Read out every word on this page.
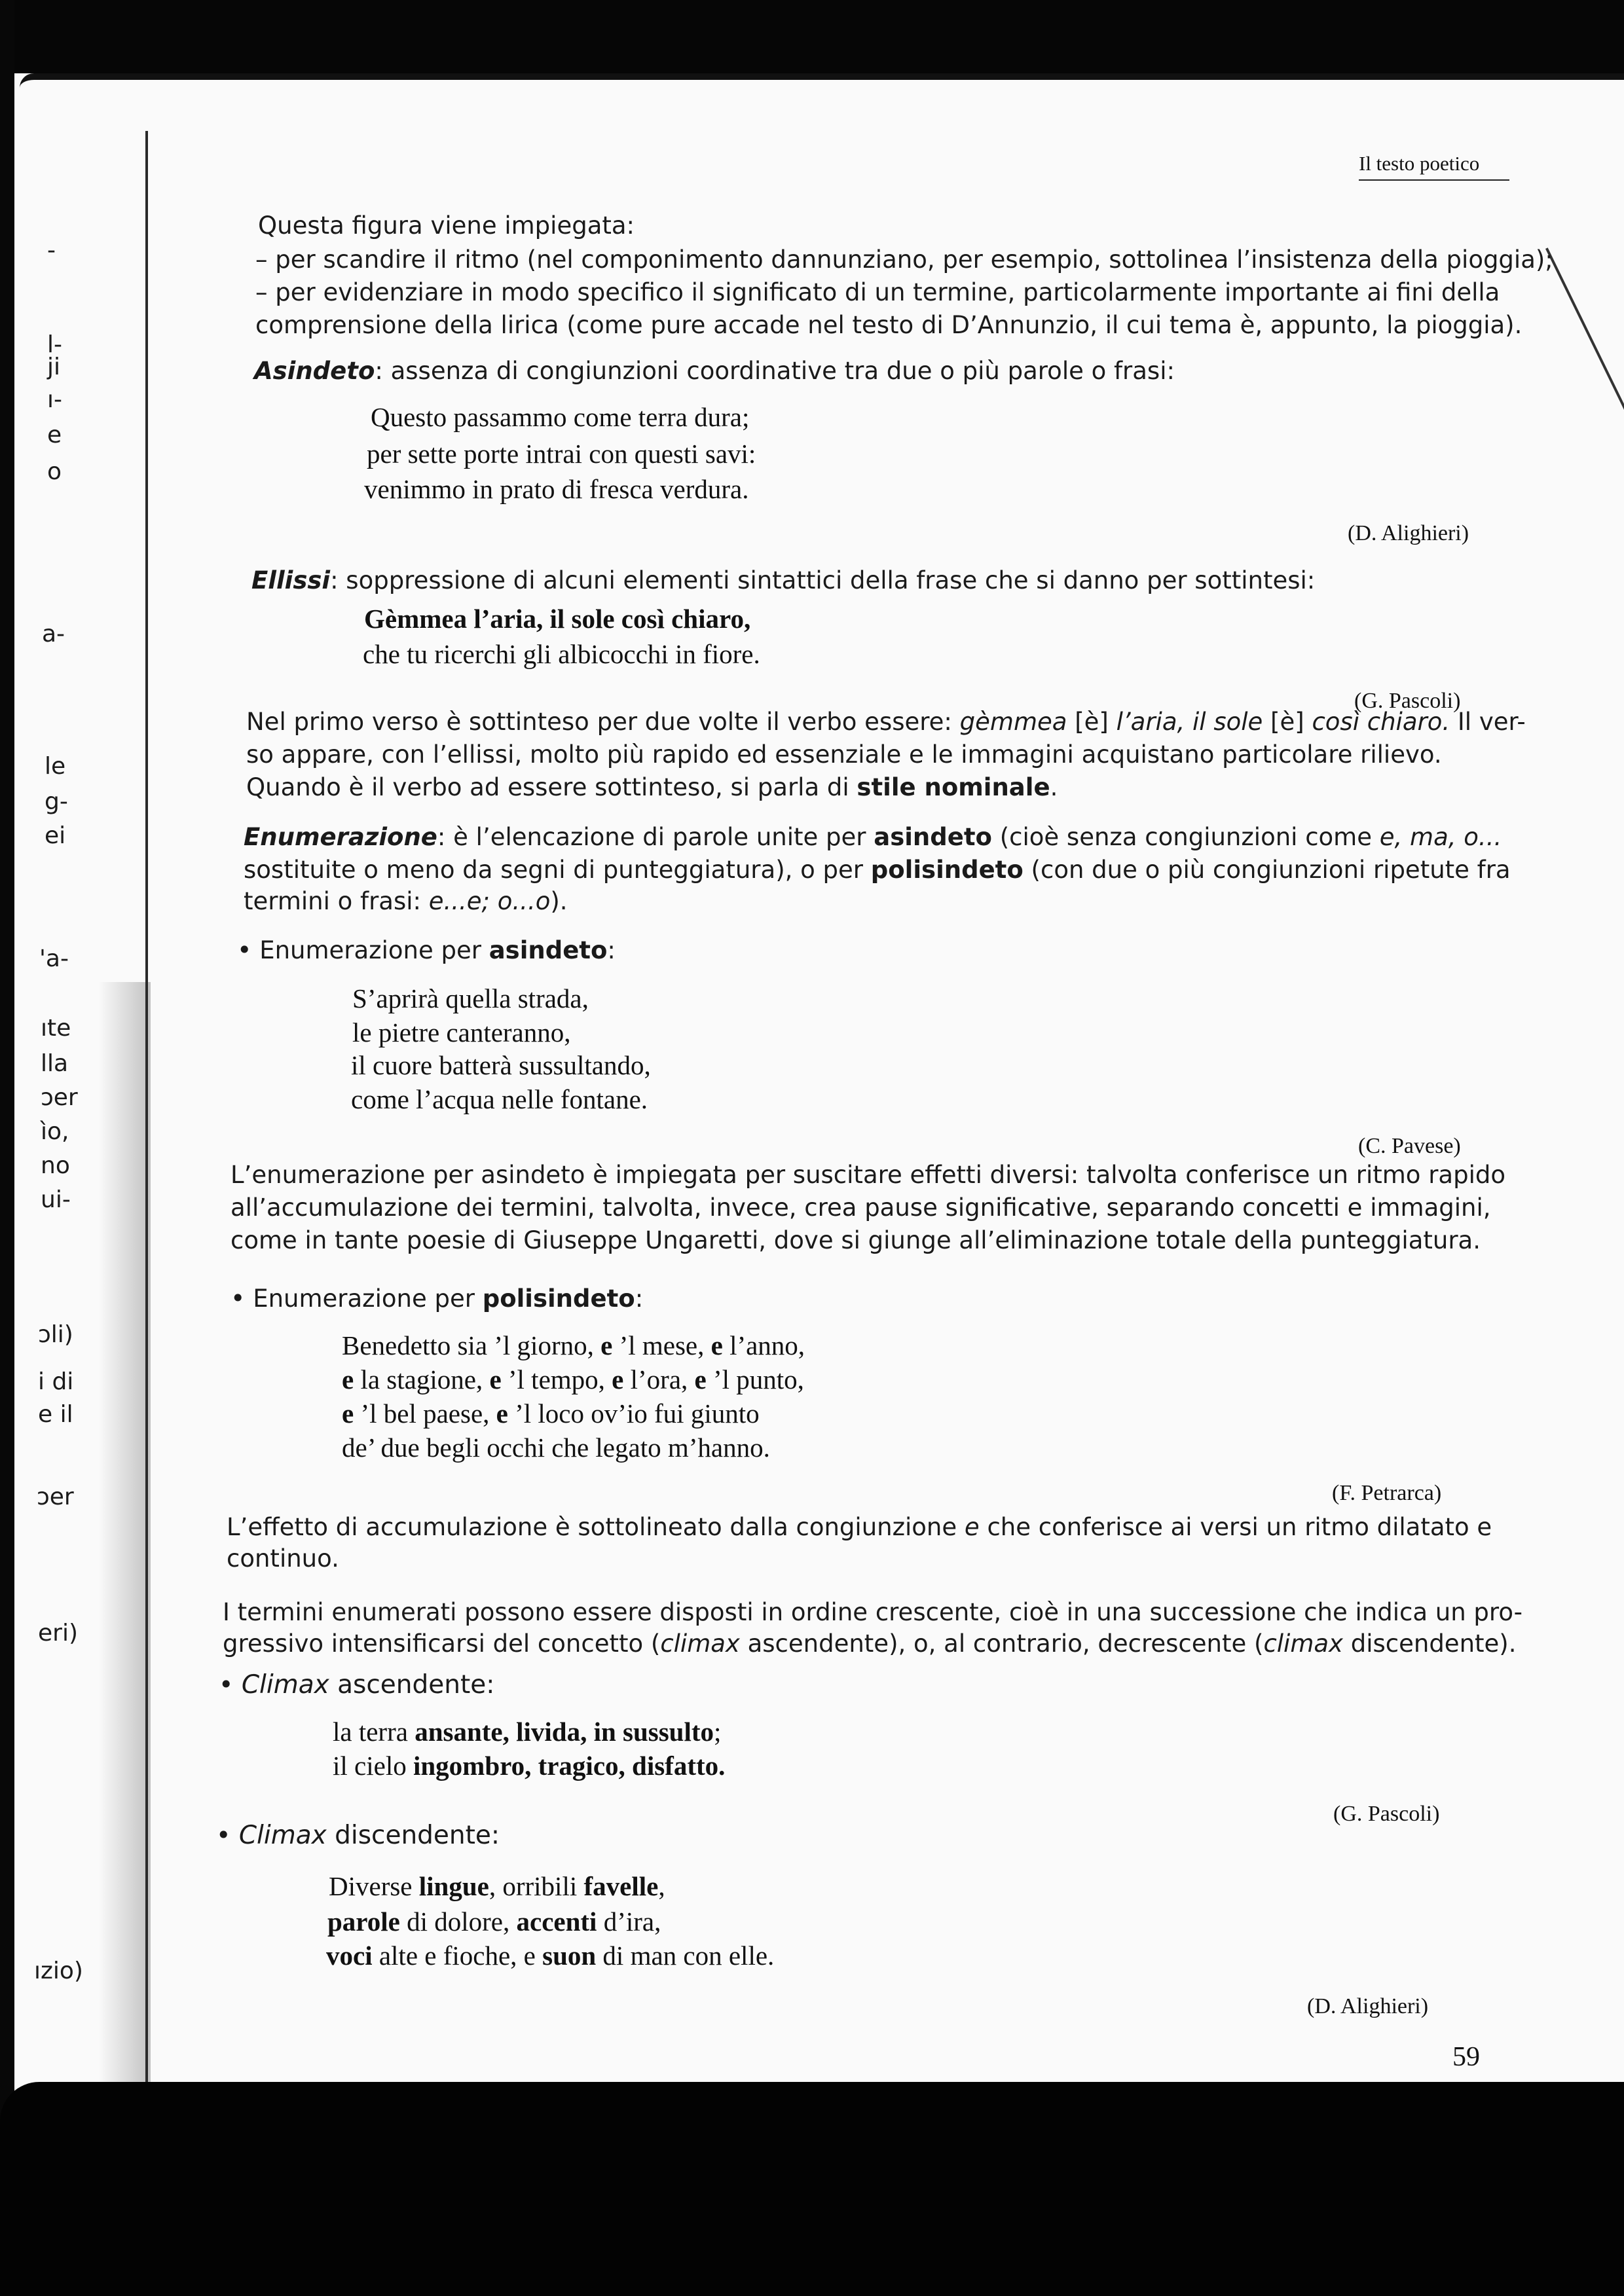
Il testo poetico
-
l-
ji
ı-
e
o
a-
le
g-
ei
'a-
ıte
lla
ɔer
ìo,
no
ui-
ɔli)
i di
e il
ɔer
eri)
ızio)
Questa figura viene impiegata:
– per scandire il ritmo (nel componimento dannunziano, per esempio, sottolinea l’insistenza della pioggia);
– per evidenziare in modo specifico il significato di un termine, particolarmente importante ai fini della
comprensione della lirica (come pure accade nel testo di D’Annunzio, il cui tema è, appunto, la pioggia).
Asindeto: assenza di congiunzioni coordinative tra due o più parole o frasi:
Questo passammo come terra dura;
per sette porte intrai con questi savi:
venimmo in prato di fresca verdura.
(D. Alighieri)
Ellissi: soppressione di alcuni elementi sintattici della frase che si danno per sottintesi:
Gèmmea l’aria, il sole così chiaro,
che tu ricerchi gli albicocchi in fiore.
(G. Pascoli)
Nel primo verso è sottinteso per due volte il verbo essere: gèmmea [è] l’aria, il sole [è] così chiaro. Il ver-
so appare, con l’ellissi, molto più rapido ed essenziale e le immagini acquistano particolare rilievo.
Quando è il verbo ad essere sottinteso, si parla di stile nominale.
Enumerazione: è l’elencazione di parole unite per asindeto (cioè senza congiunzioni come e, ma, o...
sostituite o meno da segni di punteggiatura), o per polisindeto (con due o più congiunzioni ripetute fra
termini o frasi: e...e; o...o).
• Enumerazione per asindeto:
S’aprirà quella strada,
le pietre canteranno,
il cuore batterà sussultando,
come l’acqua nelle fontane.
(C. Pavese)
L’enumerazione per asindeto è impiegata per suscitare effetti diversi: talvolta conferisce un ritmo rapido
all’accumulazione dei termini, talvolta, invece, crea pause significative, separando concetti e immagini,
come in tante poesie di Giuseppe Ungaretti, dove si giunge all’eliminazione totale della punteggiatura.
• Enumerazione per polisindeto:
Benedetto sia ’l giorno, e ’l mese, e l’anno,
e la stagione, e ’l tempo, e l’ora, e ’l punto,
e ’l bel paese, e ’l loco ov’io fui giunto
de’ due begli occhi che legato m’hanno.
(F. Petrarca)
L’effetto di accumulazione è sottolineato dalla congiunzione e che conferisce ai versi un ritmo dilatato e
continuo.
I termini enumerati possono essere disposti in ordine crescente, cioè in una successione che indica un pro-
gressivo intensificarsi del concetto (climax ascendente), o, al contrario, decrescente (climax discendente).
• Climax ascendente:
la terra ansante, livida, in sussulto;
il cielo ingombro, tragico, disfatto.
(G. Pascoli)
• Climax discendente:
Diverse lingue, orribili favelle,
parole di dolore, accenti d’ira,
voci alte e fioche, e suon di man con elle.
(D. Alighieri)
59
